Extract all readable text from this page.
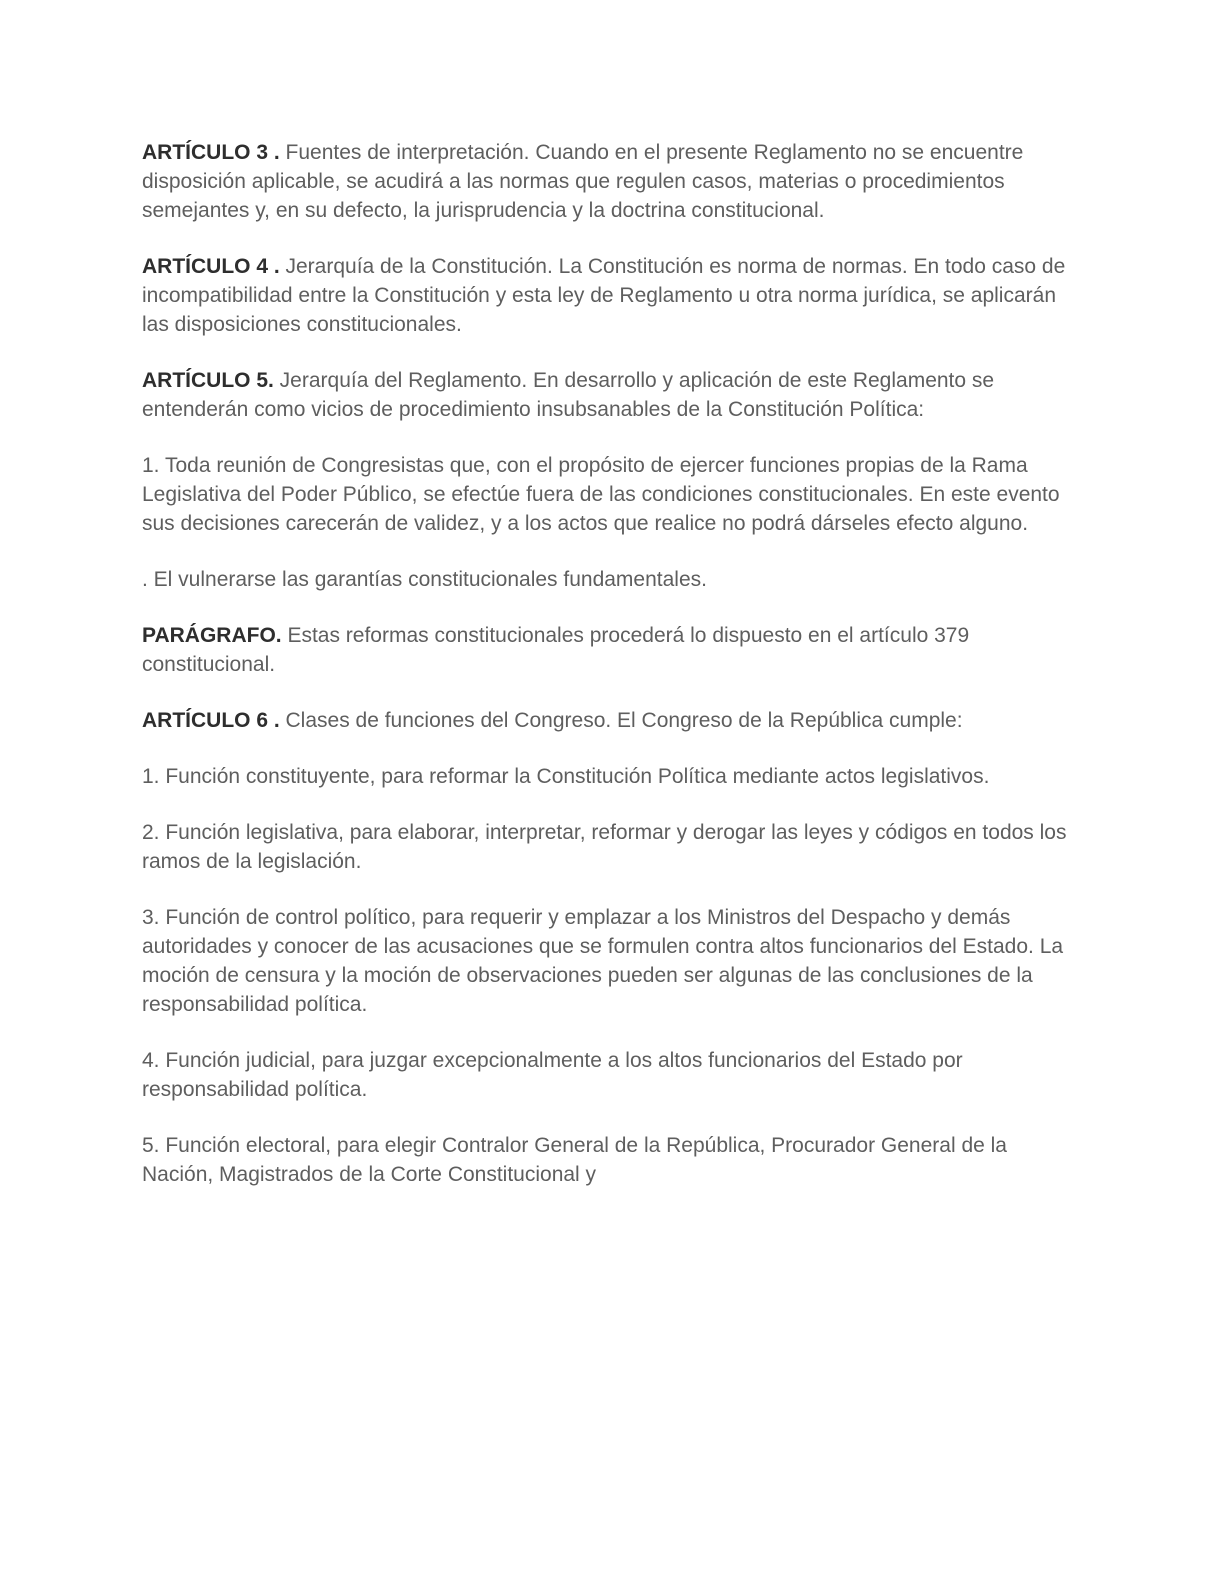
ARTÍCULO 3 . Fuentes de interpretación. Cuando en el presente Reglamento no se encuentre disposición aplicable, se acudirá a las normas que regulen casos, materias o procedimientos semejantes y, en su defecto, la jurisprudencia y la doctrina constitucional.

ARTÍCULO 4 . Jerarquía de la Constitución. La Constitución es norma de normas. En todo caso de incompatibilidad entre la Constitución y esta ley de Reglamento u otra norma jurídica, se aplicarán las disposiciones constitucionales.

ARTÍCULO 5. Jerarquía del Reglamento. En desarrollo y aplicación de este Reglamento se entenderán como vicios de procedimiento insubsanables de la Constitución Política:

1. Toda reunión de Congresistas que, con el propósito de ejercer funciones propias de la Rama Legislativa del Poder Público, se efectúe fuera de las condiciones constitucionales. En este evento sus decisiones carecerán de validez, y a los actos que realice no podrá dárseles efecto alguno.

. El vulnerarse las garantías constitucionales fundamentales.

PARÁGRAFO. Estas reformas constitucionales procederá lo dispuesto en el artículo 379 constitucional.

ARTÍCULO 6 . Clases de funciones del Congreso. El Congreso de la República cumple:

1. Función constituyente, para reformar la Constitución Política mediante actos legislativos.

2. Función legislativa, para elaborar, interpretar, reformar y derogar las leyes y códigos en todos los ramos de la legislación.

3. Función de control político, para requerir y emplazar a los Ministros del Despacho y demás autoridades y conocer de las acusaciones que se formulen contra altos funcionarios del Estado. La moción de censura y la moción de observaciones pueden ser algunas de las conclusiones de la responsabilidad política.

4. Función judicial, para juzgar excepcionalmente a los altos funcionarios del Estado por responsabilidad política.

5. Función electoral, para elegir Contralor General de la República, Procurador General de la Nación, Magistrados de la Corte Constitucional y
